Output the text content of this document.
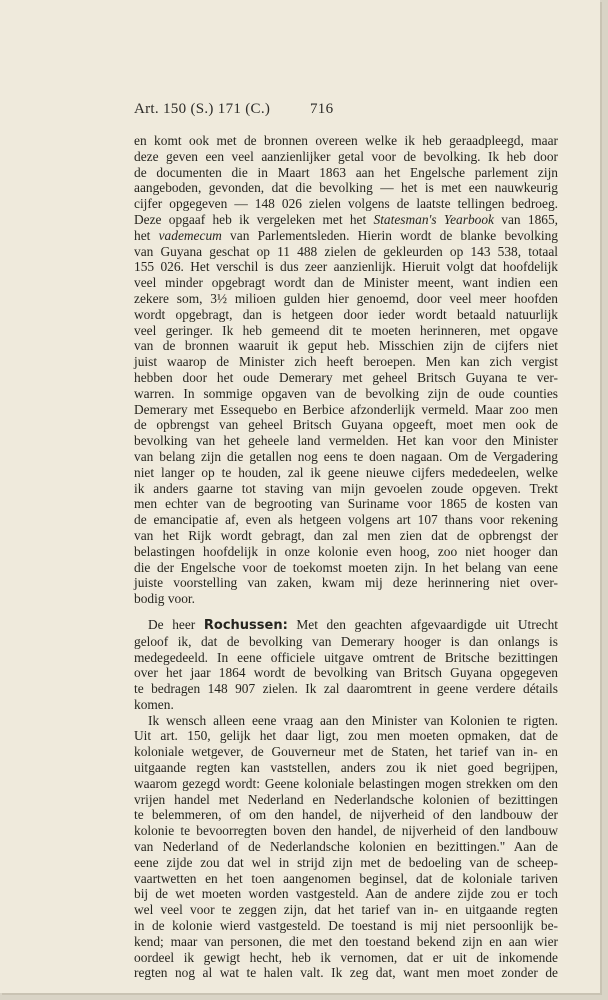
Art. 150 (S.) 171 (C.)	716
en komt ook met de bronnen overeen welke ik heb geraadpleegd, maar
deze geven een veel aanzienlijker getal voor de bevolking. Ik heb door
de documenten die in Maart 1863 aan het Engelsche parlement zijn
aangeboden, gevonden, dat die bevolking — het is met een nauwkeurig
cijfer opgegeven — 148 026 zielen volgens de laatste tellingen bedroeg.
Deze opgaaf heb ik vergeleken met het Statesman's Yearbook van 1865,
het vademecum van Parlementsleden. Hierin wordt de blanke bevolking
van Guyana geschat op 11 488 zielen de gekleurden op 143 538, totaal
155 026. Het verschil is dus zeer aanzienlijk. Hieruit volgt dat hoofdelijk
veel minder opgebragt wordt dan de Minister meent, want indien een
zekere som, 3½ milioen gulden hier genoemd, door veel meer hoofden
wordt opgebragt, dan is hetgeen door ieder wordt betaald natuurlijk
veel geringer. Ik heb gemeend dit te moeten herinneren, met opgave
van de bronnen waaruit ik geput heb. Misschien zijn de cijfers niet
juist waarop de Minister zich heeft beroepen. Men kan zich vergist
hebben door het oude Demerary met geheel Britsch Guyana te ver-
warren. In sommige opgaven van de bevolking zijn de oude counties
Demerary met Essequebo en Berbice afzonderlijk vermeld. Maar zoo men
de opbrengst van geheel Britsch Guyana opgeeft, moet men ook de
bevolking van het geheele land vermelden. Het kan voor den Minister
van belang zijn die getallen nog eens te doen nagaan. Om de Vergadering
niet langer op te houden, zal ik geene nieuwe cijfers mededeelen, welke
ik anders gaarne tot staving van mijn gevoelen zoude opgeven. Trekt
men echter van de begrooting van Suriname voor 1865 de kosten van
de emancipatie af, even als hetgeen volgens art 107 thans voor rekening
van het Rijk wordt gebragt, dan zal men zien dat de opbrengst der
belastingen hoofdelijk in onze kolonie even hoog, zoo niet hooger dan
die der Engelsche voor de toekomst moeten zijn. In het belang van eene
juiste voorstelling van zaken, kwam mij deze herinnering niet over-
bodig voor.
De heer Rochussen: Met den geachten afgevaardigde uit Utrecht
geloof ik, dat de bevolking van Demerary hooger is dan onlangs is
medegedeeld. In eene officiele uitgave omtrent de Britsche bezittingen
over het jaar 1864 wordt de bevolking van Britsch Guyana opgegeven
te bedragen 148 907 zielen. Ik zal daaromtrent in geene verdere détails
komen.
Ik wensch alleen eene vraag aan den Minister van Kolonien te rigten.
Uit art. 150, gelijk het daar ligt, zou men moeten opmaken, dat de
koloniale wetgever, de Gouverneur met de Staten, het tarief van in- en
uitgaande regten kan vaststellen, anders zou ik niet goed begrijpen,
waarom gezegd wordt: Geene koloniale belastingen mogen strekken om den
vrijen handel met Nederland en Nederlandsche kolonien of bezittingen
te belemmeren, of om den handel, de nijverheid of den landbouw der
kolonie te bevoorregten boven den handel, de nijverheid of den landbouw
van Nederland of de Nederlandsche kolonien en bezittingen." Aan de
eene zijde zou dat wel in strijd zijn met de bedoeling van de scheep-
vaartwetten en het toen aangenomen beginsel, dat de koloniale tariven
bij de wet moeten worden vastgesteld. Aan de andere zijde zou er toch
wel veel voor te zeggen zijn, dat het tarief van in- en uitgaande regten
in de kolonie wierd vastgesteld. De toestand is mij niet persoonlijk be-
kend; maar van personen, die met den toestand bekend zijn en aan wier
oordeel ik gewigt hecht, heb ik vernomen, dat er uit de inkomende
regten nog al wat te halen valt. Ik zeg dat, want men moet zonder de
